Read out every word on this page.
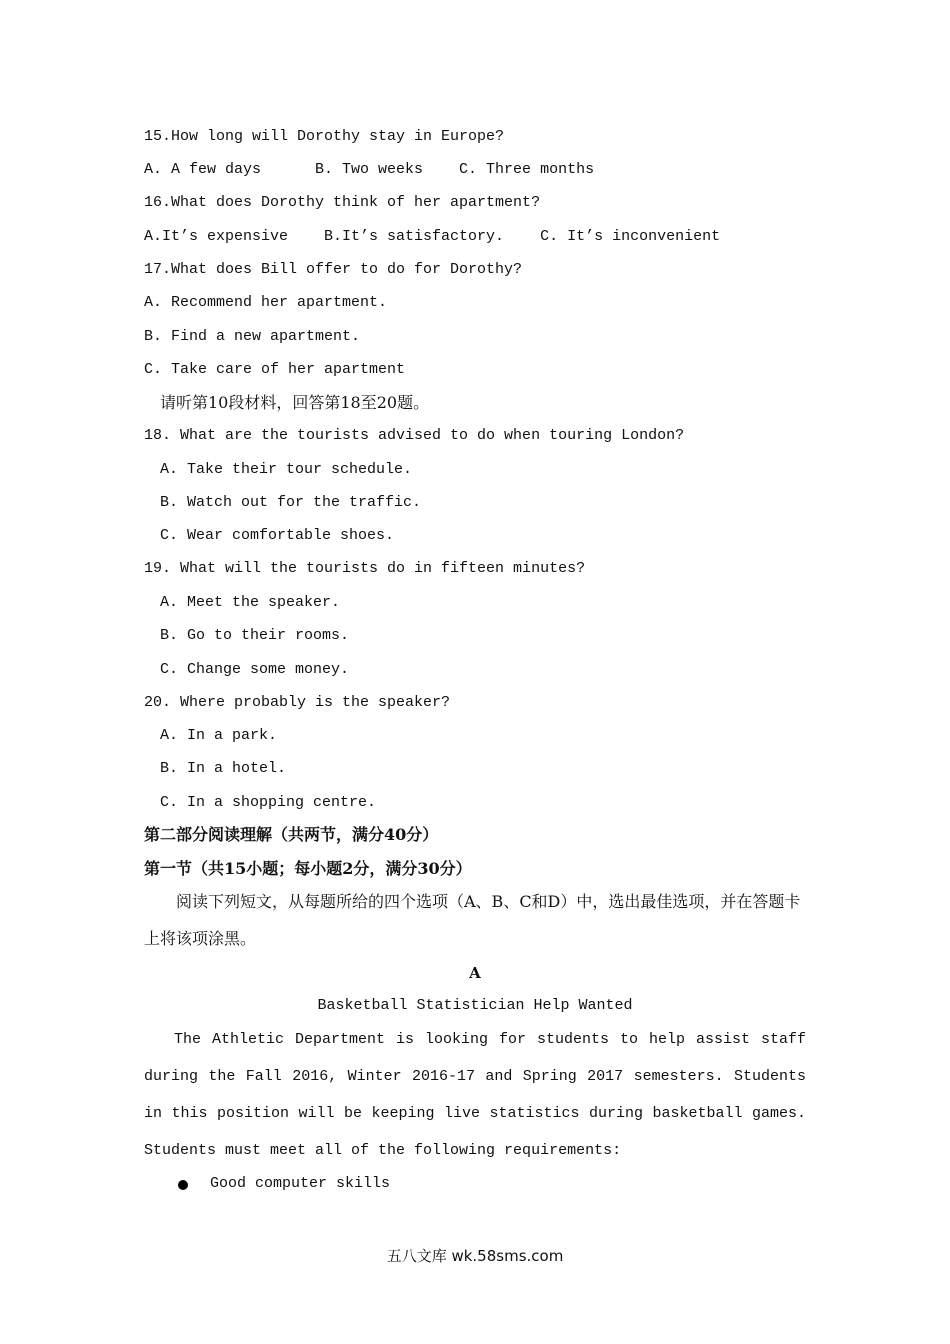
15.How long will Dorothy stay in Europe?
A. A few days      B. Two weeks    C. Three months
16.What does Dorothy think of her apartment?
A.It’s expensive    B.It’s satisfactory.    C. It’s inconvenient
17.What does Bill offer to do for Dorothy?
A. Recommend her apartment.
B. Find a new apartment.
C. Take care of her apartment
请听第10段材料，回答第18至20题。
18. What are the tourists advised to do when touring London?
A. Take their tour schedule.
B. Watch out for the traffic.
C. Wear comfortable shoes.
19. What will the tourists do in fifteen minutes?
A. Meet the speaker.
B. Go to their rooms.
C. Change some money.
20. Where probably is the speaker?
A. In a park.
B. In a hotel.
C. In a shopping centre.
第二部分阅读理解（共两节，满分40分）
第一节（共15小题；每小题2分，满分30分）
阅读下列短文，从每题所给的四个选项（A、B、C和D）中，选出最佳选项，并在答题卡上将该项涂黑。
A
Basketball Statistician Help Wanted
The Athletic Department is looking for students to help assist staff during the Fall 2016, Winter 2016-17 and Spring 2017 semesters. Students in this position will be keeping live statistics during basketball games. Students must meet all of the following requirements:
Good computer skills
五八文库 wk.58sms.com
